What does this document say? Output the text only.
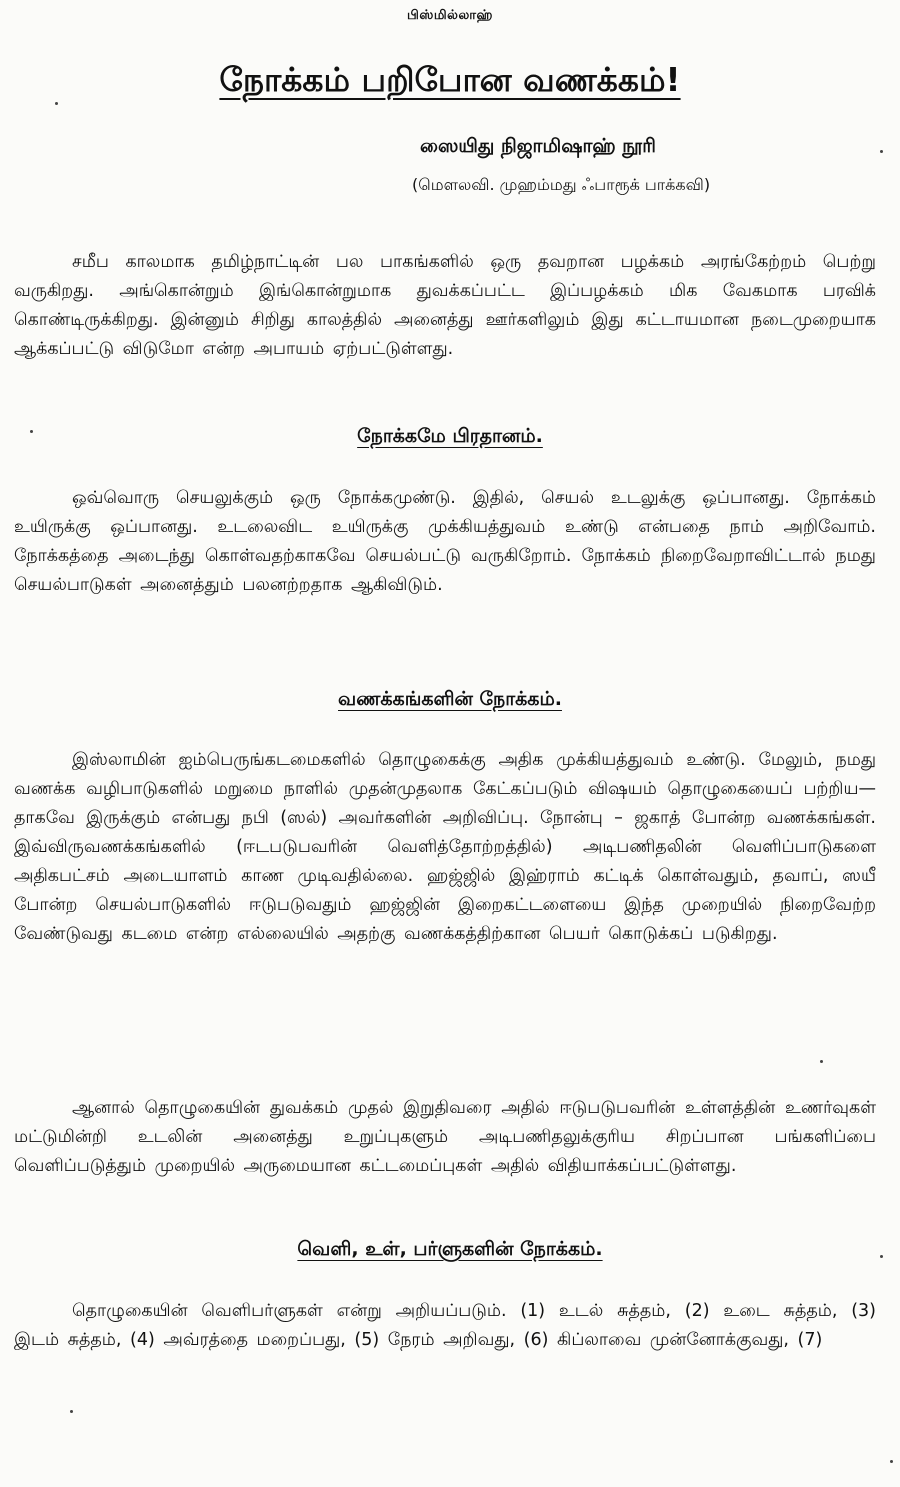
பிஸ்மில்லாஹ்
நோக்கம் பறிபோன வணக்கம்!
ஸையிது நிஜாமிஷாஹ் நூரி
(மௌலவி. முஹம்மது ஃபாரூக் பாக்கவி)

சமீப காலமாக தமிழ்நாட்டின் பல பாகங்களில் ஒரு தவறான பழக்கம் அரங்கேற்றம் பெற்று வருகிறது. அங்கொன்றும் இங்கொன்றுமாக துவக்கப்பட்ட இப்பழக்கம் மிக வேகமாக பரவிக் கொண்டிருக்கிறது. இன்னும் சிறிது காலத்தில் அனைத்து ஊர்களிலும் இது கட்டாயமான நடைமுறையாக ஆக்கப்பட்டு விடுமோ என்ற அபாயம் ஏற்பட்டுள்ளது.

நோக்கமே பிரதானம்.

ஒவ்வொரு செயலுக்கும் ஒரு நோக்கமுண்டு. இதில், செயல் உடலுக்கு ஒப்பானது. நோக்கம் உயிருக்கு ஒப்பானது. உடலைவிட உயிருக்கு முக்கியத்துவம் உண்டு என்பதை நாம் அறிவோம். நோக்கத்தை அடைந்து கொள்வதற்காகவே செயல்பட்டு வருகிறோம். நோக்கம் நிறைவேறாவிட்டால் நமது செயல்பாடுகள் அனைத்தும் பலனற்றதாக ஆகிவிடும்.

வணக்கங்களின் நோக்கம்.

இஸ்லாமின் ஐம்பெருங்கடமைகளில் தொழுகைக்கு அதிக முக்கியத்துவம் உண்டு. மேலும், நமது வணக்க வழிபாடுகளில் மறுமை நாளில் முதன்முதலாக கேட்கப்படும் விஷயம் தொழுகையைப் பற்றிய— தாகவே இருக்கும் என்பது நபி (ஸல்) அவர்களின் அறிவிப்பு. நோன்பு – ஜகாத் போன்ற வணக்கங்கள். இவ்விருவணக்கங்களில் (ஈடபடுபவரின் வெளித்தோற்றத்தில்) அடிபணிதலின் வெளிப்பாடுகளை அதிகபட்சம் அடையாளம் காண முடிவதில்லை. ஹஜ்ஜில் இஹ்ராம் கட்டிக் கொள்வதும், தவாப், ஸயீ போன்ற செயல்பாடுகளில் ஈடுபடுவதும் ஹஜ்ஜின் இறைகட்டளையை இந்த முறையில் நிறைவேற்ற வேண்டுவது கடமை என்ற எல்லையில் அதற்கு வணக்கத்திற்கான பெயர் கொடுக்கப் படுகிறது.

ஆனால் தொழுகையின் துவக்கம் முதல் இறுதிவரை அதில் ஈடுபடுபவரின் உள்ளத்தின் உணர்வுகள் மட்டுமின்றி உடலின் அனைத்து உறுப்புகளும் அடிபணிதலுக்குரிய சிறப்பான பங்களிப்பை வெளிப்படுத்தும் முறையில் அருமையான கட்டமைப்புகள் அதில் விதியாக்கப்பட்டுள்ளது.

வெளி, உள், பர்ளுகளின் நோக்கம்.

தொழுகையின் வெளிபர்ளுகள் என்று அறியப்படும். (1) உடல் சுத்தம், (2) உடை சுத்தம், (3) இடம் சுத்தம், (4) அவ்ரத்தை மறைப்பது, (5) நேரம் அறிவது, (6) கிப்லாவை முன்னோக்குவது, (7)
